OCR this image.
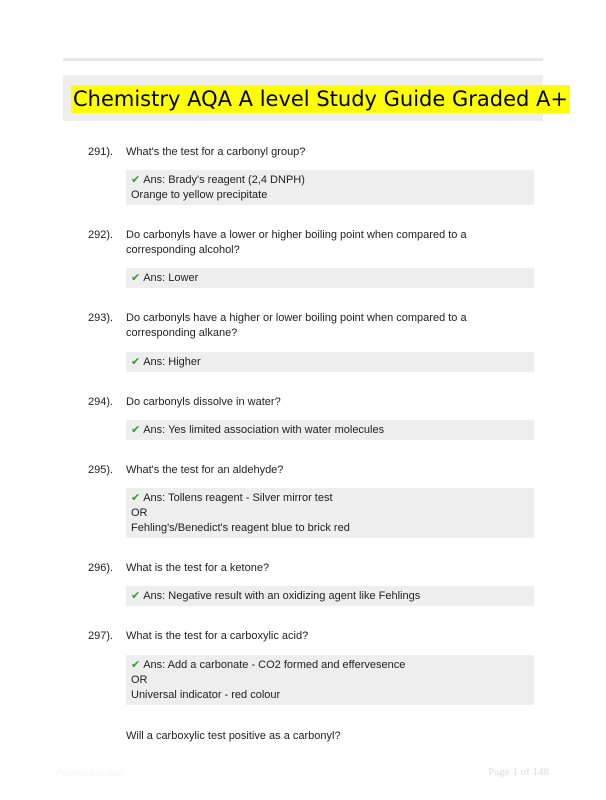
Chemistry AQA A level Study Guide Graded A+
291). What's the test for a carbonyl group?
✔ Ans: Brady's reagent (2,4 DNPH)
Orange to yellow precipitate
292). Do carbonyls have a lower or higher boiling point when compared to a corresponding alcohol?
✔ Ans: Lower
293). Do carbonyls have a higher or lower boiling point when compared to a corresponding alkane?
✔ Ans: Higher
294). Do carbonyls dissolve in water?
✔ Ans: Yes limited association with water molecules
295). What's the test for an aldehyde?
✔ Ans: Tollens reagent - Silver mirror test
OR
Fehling's/Benedict's reagent blue to brick red
296). What is the test for a ketone?
✔ Ans: Negative result with an oxidizing agent like Fehlings
297). What is the test for a carboxylic acid?
✔ Ans: Add a carbonate - CO2 formed and effervesence
OR
Universal indicator - red colour
Will a carboxylic test positive as a carbonyl?
PaperNotes.com	Page 1 of 148
